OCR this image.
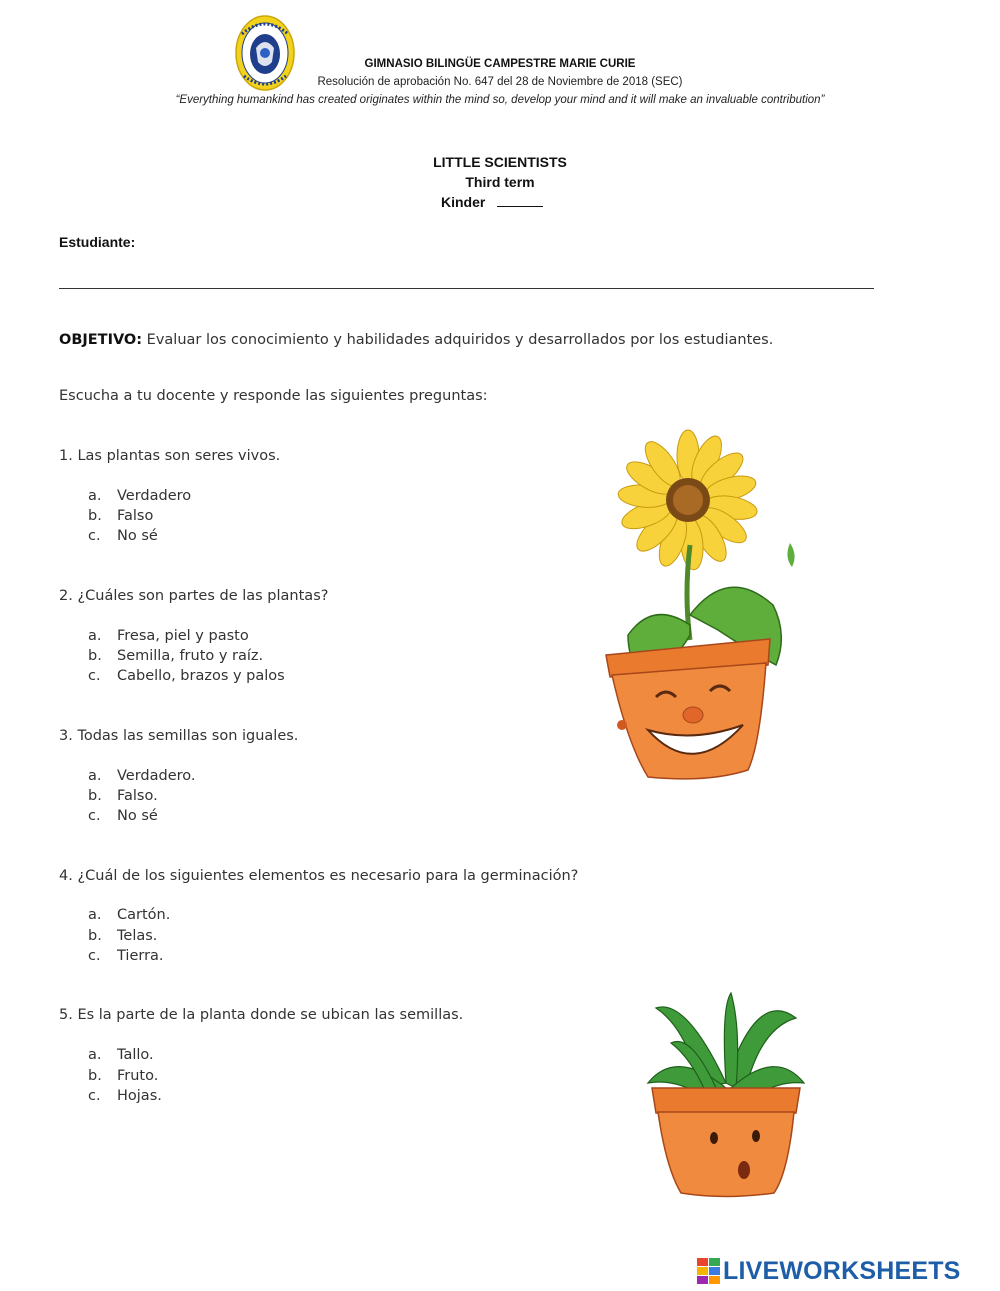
GIMNASIO BILINGÜE CAMPESTRE MARIE CURIE
Resolución de aprobación No. 647 del 28 de Noviembre de 2018 (SEC)
“Everything humankind has created originates within the mind so, develop your mind and it will make an invaluable contribution”
LITTLE SCIENTISTS
Third term
Kinder
Estudiante:
OBJETIVO: Evaluar los conocimiento y habilidades adquiridos y desarrollados por los estudiantes.
Escucha a tu docente y responde las siguientes preguntas:
1. Las plantas son seres vivos.
a. Verdadero
b. Falso
c. No sé
2. ¿Cuáles son partes de las plantas?
a. Fresa, piel y pasto
b. Semilla, fruto y raíz.
c. Cabello, brazos y palos
3. Todas las semillas son iguales.
a. Verdadero.
b. Falso.
c. No sé
4. ¿Cuál de los siguientes elementos es necesario para la germinación?
a. Cartón.
b. Telas.
c. Tierra.
5. Es la parte de la planta donde se ubican las semillas.
a. Tallo.
b. Fruto.
c. Hojas.
LIVEWORKSHEETS
